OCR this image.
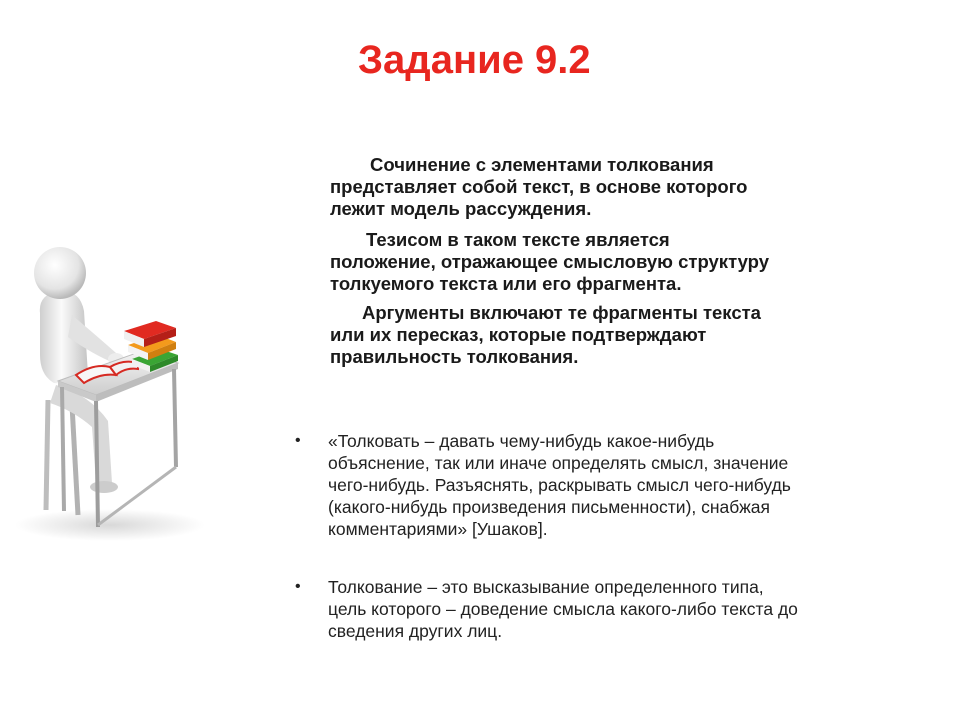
Задание 9.2

Сочинение с элементами толкования
представляет собой текст, в основе которого
лежит модель рассуждения.

Тезисом в таком тексте является
положение, отражающее смысловую структуру
толкуемого текста или его фрагмента.

Аргументы включают те фрагменты текста
или их пересказ, которые подтверждают
правильность толкования.

• «Толковать – давать чему-нибудь какое-нибудь
объяснение, так или иначе определять смысл, значение
чего-нибудь. Разъяснять, раскрывать смысл чего-нибудь
(какого-нибудь произведения письменности), снабжая
комментариями» [Ушаков].

• Толкование – это высказывание определенного типа,
цель которого – доведение смысла какого-либо текста до
сведения других лиц.
